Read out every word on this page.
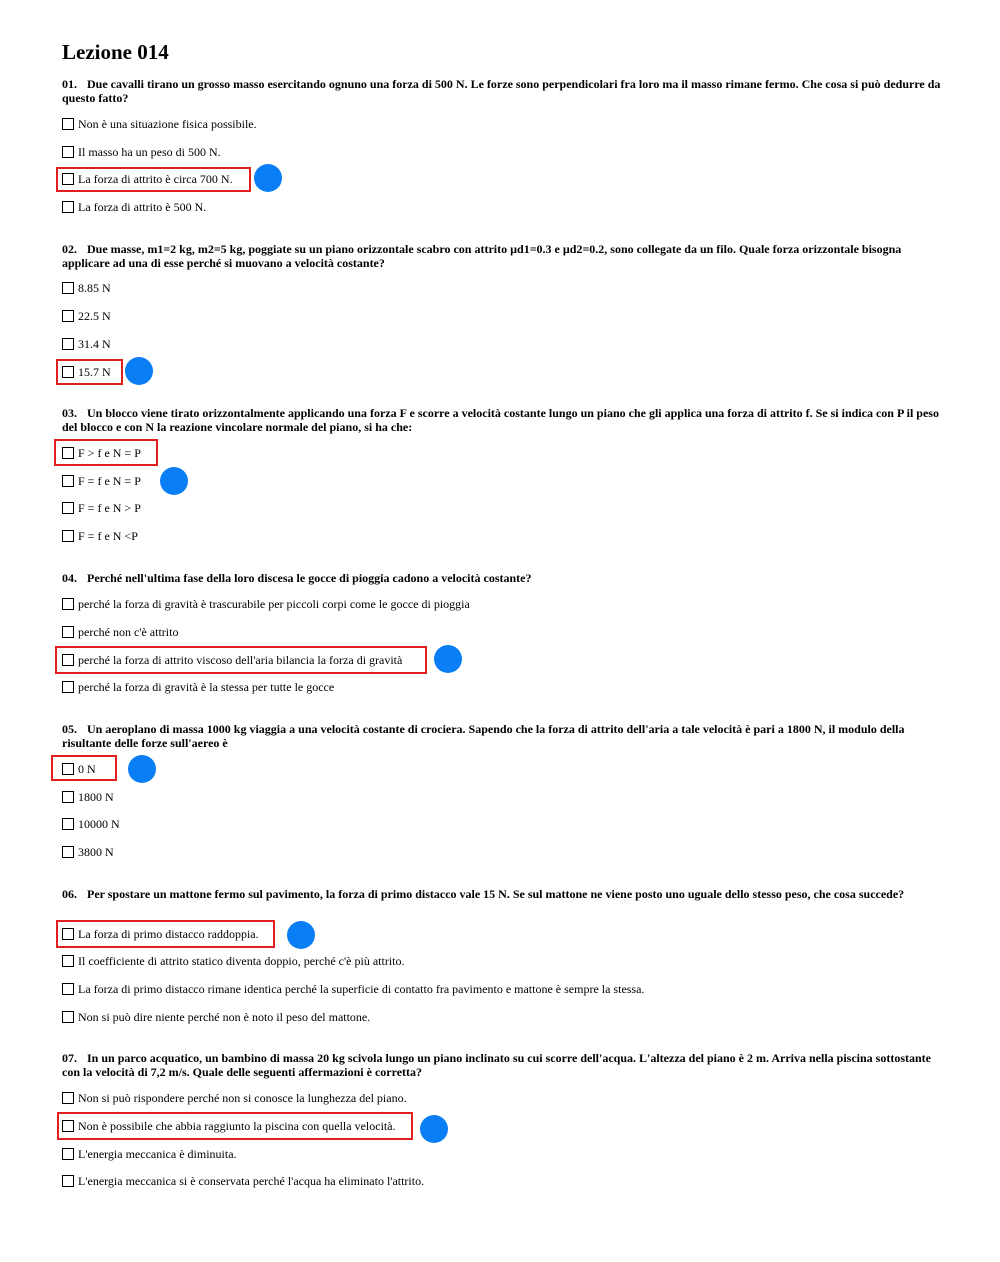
Lezione 014

01. Due cavalli tirano un grosso masso esercitando ognuno una forza di 500 N. Le forze sono perpendicolari fra loro ma il masso rimane fermo. Che cosa si può dedurre da questo fatto?

Non è una situazione fisica possibile.
Il masso ha un peso di 500 N.
La forza di attrito è circa 700 N.
La forza di attrito è 500 N.

02. Due masse, m1=2 kg, m2=5 kg, poggiate su un piano orizzontale scabro con attrito µd1=0.3 e µd2=0.2, sono collegate da un filo. Quale forza orizzontale bisogna applicare ad una di esse perché si muovano a velocità costante?

8.85 N
22.5 N
31.4 N
15.7 N

03. Un blocco viene tirato orizzontalmente applicando una forza F e scorre a velocità costante lungo un piano che gli applica una forza di attrito f. Se si indica con P il peso del blocco e con N la reazione vincolare normale del piano, si ha che:

F > f e N = P
F = f e N = P
F = f e N > P
F = f e N <P

04. Perché nell'ultima fase della loro discesa le gocce di pioggia cadono a velocità costante?

perché la forza di gravità è trascurabile per piccoli corpi come le gocce di pioggia
perché non c'è attrito
perché la forza di attrito viscoso dell'aria bilancia la forza di gravità
perché la forza di gravità è la stessa per tutte le gocce

05. Un aeroplano di massa 1000 kg viaggia a una velocità costante di crociera. Sapendo che la forza di attrito dell'aria a tale velocità è pari a 1800 N, il modulo della risultante delle forze sull'aereo è

0 N
1800 N
10000 N
3800 N

06. Per spostare un mattone fermo sul pavimento, la forza di primo distacco vale 15 N. Se sul mattone ne viene posto uno uguale dello stesso peso, che cosa succede?

La forza di primo distacco raddoppia.
Il coefficiente di attrito statico diventa doppio, perché c'è più attrito.
La forza di primo distacco rimane identica perché la superficie di contatto fra pavimento e mattone è sempre la stessa.
Non si può dire niente perché non è noto il peso del mattone.

07. In un parco acquatico, un bambino di massa 20 kg scivola lungo un piano inclinato su cui scorre dell'acqua. L'altezza del piano è 2 m. Arriva nella piscina sottostante con la velocità di 7,2 m/s. Quale delle seguenti affermazioni è corretta?

Non si può rispondere perché non si conosce la lunghezza del piano.
Non è possibile che abbia raggiunto la piscina con quella velocità.
L'energia meccanica è diminuita.
L'energia meccanica si è conservata perché l'acqua ha eliminato l'attrito.
